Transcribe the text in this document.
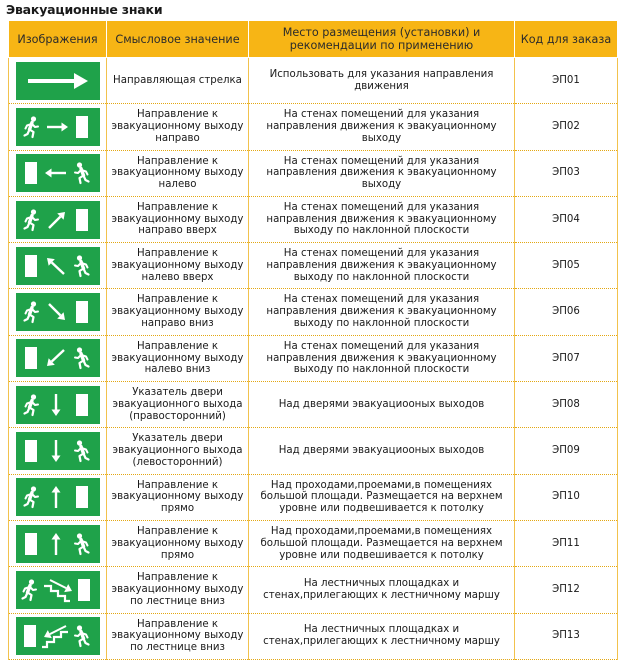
Эвакуационные знаки
Изображения	Смысловое значение	Место размещения (установки) и рекомендации по применению	Код для заказа

	Направляющая стрелка	Использовать для указания направления движения	ЭП01

	Направление к эвакуационному выходу направо	На стенах помещений для указания направления движения к эвакуационному выходу	ЭП02

	Направление к эвакуационному выходу налево	На стенах помещений для указания направления движения к эвакуационному выходу	ЭП03

	Направление к эвакуационному выходу направо вверх	На стенах помещений для указания направления движения к эвакуационному выходу по наклонной плоскости	ЭП04

	Направление к эвакуационному выходу налево вверх	На стенах помещений для указания направления движения к эвакуационному выходу по наклонной плоскости	ЭП05

	Направление к эвакуационному выходу направо вниз	На стенах помещений для указания направления движения к эвакуационному выходу по наклонной плоскости	ЭП06

	Направление к эвакуационному выходу налево вниз	На стенах помещений для указания направления движения к эвакуационному выходу по наклонной плоскости	ЭП07

	Указатель двери эвакуационного выхода (правосторонний)	Над дверями эвакуациооных выходов	ЭП08

	Указатель двери эвакуационного выхода (левосторонний)	Над дверями эвакуациооных выходов	ЭП09

	Направление к эвакуационному выходу прямо	Над проходами,проемами,в помещениях большой площади. Размещается на верхнем уровне или подвешивается к потолку	ЭП10

	Направление к эвакуационному выходу прямо	Над проходами,проемами,в помещениях большой площади. Размещается на верхнем уровне или подвешивается к потолку	ЭП11

	Направление к эвакуационному выходу по лестнице вниз	На лестничных площадках и стенах,прилегающих к лестничному маршу	ЭП12

	Направление к эвакуационному выходу по лестнице вниз	На лестничных площадках и стенах,прилегающих к лестничному маршу	ЭП13
